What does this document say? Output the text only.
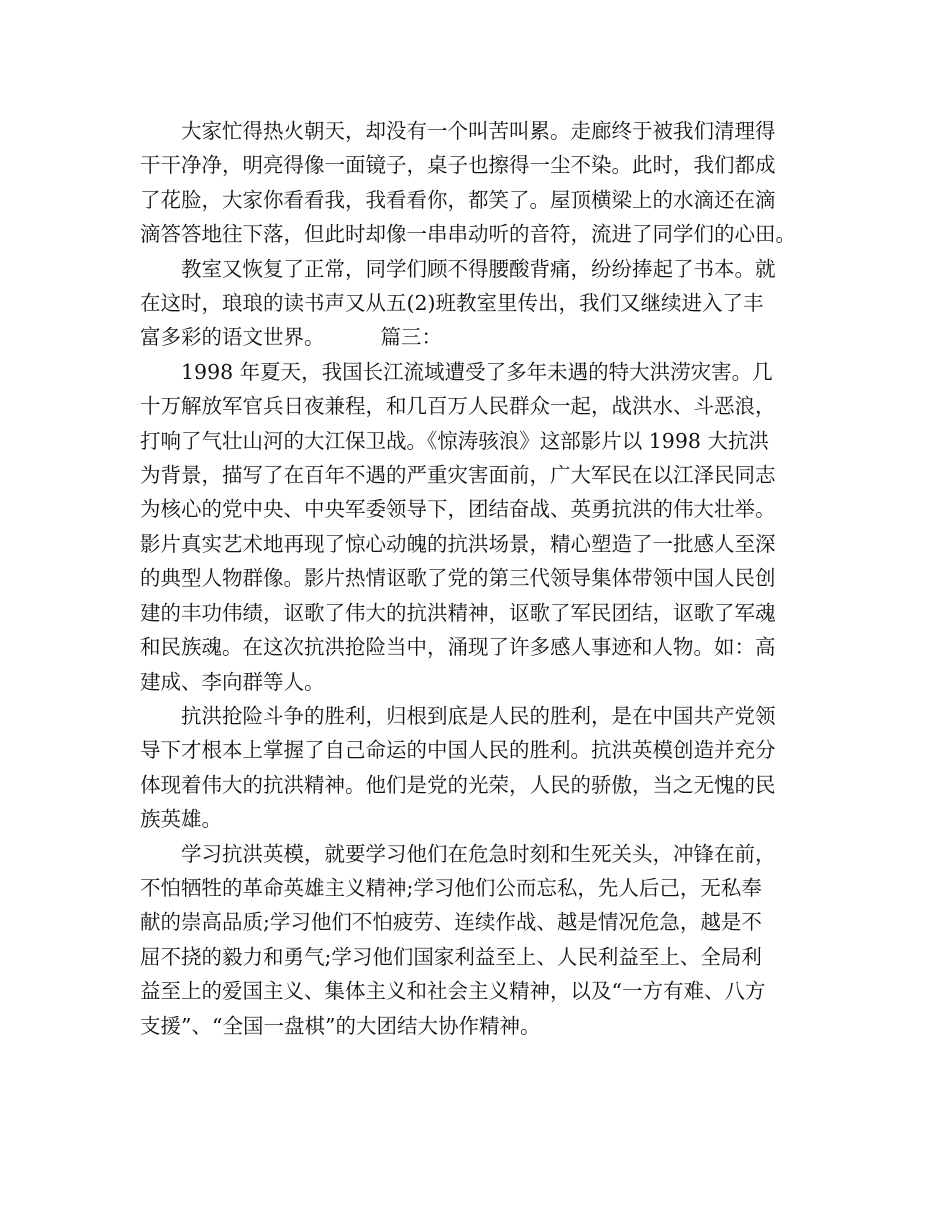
大家忙得热火朝天，却没有一个叫苦叫累。走廊终于被我们清理得
干干净净，明亮得像一面镜子，桌子也擦得一尘不染。此时，我们都成
了花脸，大家你看看我，我看看你，都笑了。屋顶横梁上的水滴还在滴
滴答答地往下落，但此时却像一串串动听的音符，流进了同学们的心田。
教室又恢复了正常，同学们顾不得腰酸背痛，纷纷捧起了书本。就
在这时，琅琅的读书声又从五(2)班教室里传出，我们又继续进入了丰
富多彩的语文世界。	篇三：
1998 年夏天，我国长江流域遭受了多年未遇的特大洪涝灾害。几
十万解放军官兵日夜兼程，和几百万人民群众一起，战洪水、斗恶浪，
打响了气壮山河的大江保卫战。《惊涛骇浪》这部影片以 1998 大抗洪
为背景，描写了在百年不遇的严重灾害面前，广大军民在以江泽民同志
为核心的党中央、中央军委领导下，团结奋战、英勇抗洪的伟大壮举。
影片真实艺术地再现了惊心动魄的抗洪场景，精心塑造了一批感人至深
的典型人物群像。影片热情讴歌了党的第三代领导集体带领中国人民创
建的丰功伟绩，讴歌了伟大的抗洪精神，讴歌了军民团结，讴歌了军魂
和民族魂。在这次抗洪抢险当中，涌现了许多感人事迹和人物。如：高
建成、李向群等人。
抗洪抢险斗争的胜利，归根到底是人民的胜利，是在中国共产党领
导下才根本上掌握了自己命运的中国人民的胜利。抗洪英模创造并充分
体现着伟大的抗洪精神。他们是党的光荣，人民的骄傲，当之无愧的民
族英雄。
学习抗洪英模，就要学习他们在危急时刻和生死关头，冲锋在前，
不怕牺牲的革命英雄主义精神;学习他们公而忘私，先人后己，无私奉
献的崇高品质;学习他们不怕疲劳、连续作战、越是情况危急，越是不
屈不挠的毅力和勇气;学习他们国家利益至上、人民利益至上、全局利
益至上的爱国主义、集体主义和社会主义精神，以及“一方有难、八方
支援”、“全国一盘棋”的大团结大协作精神。
